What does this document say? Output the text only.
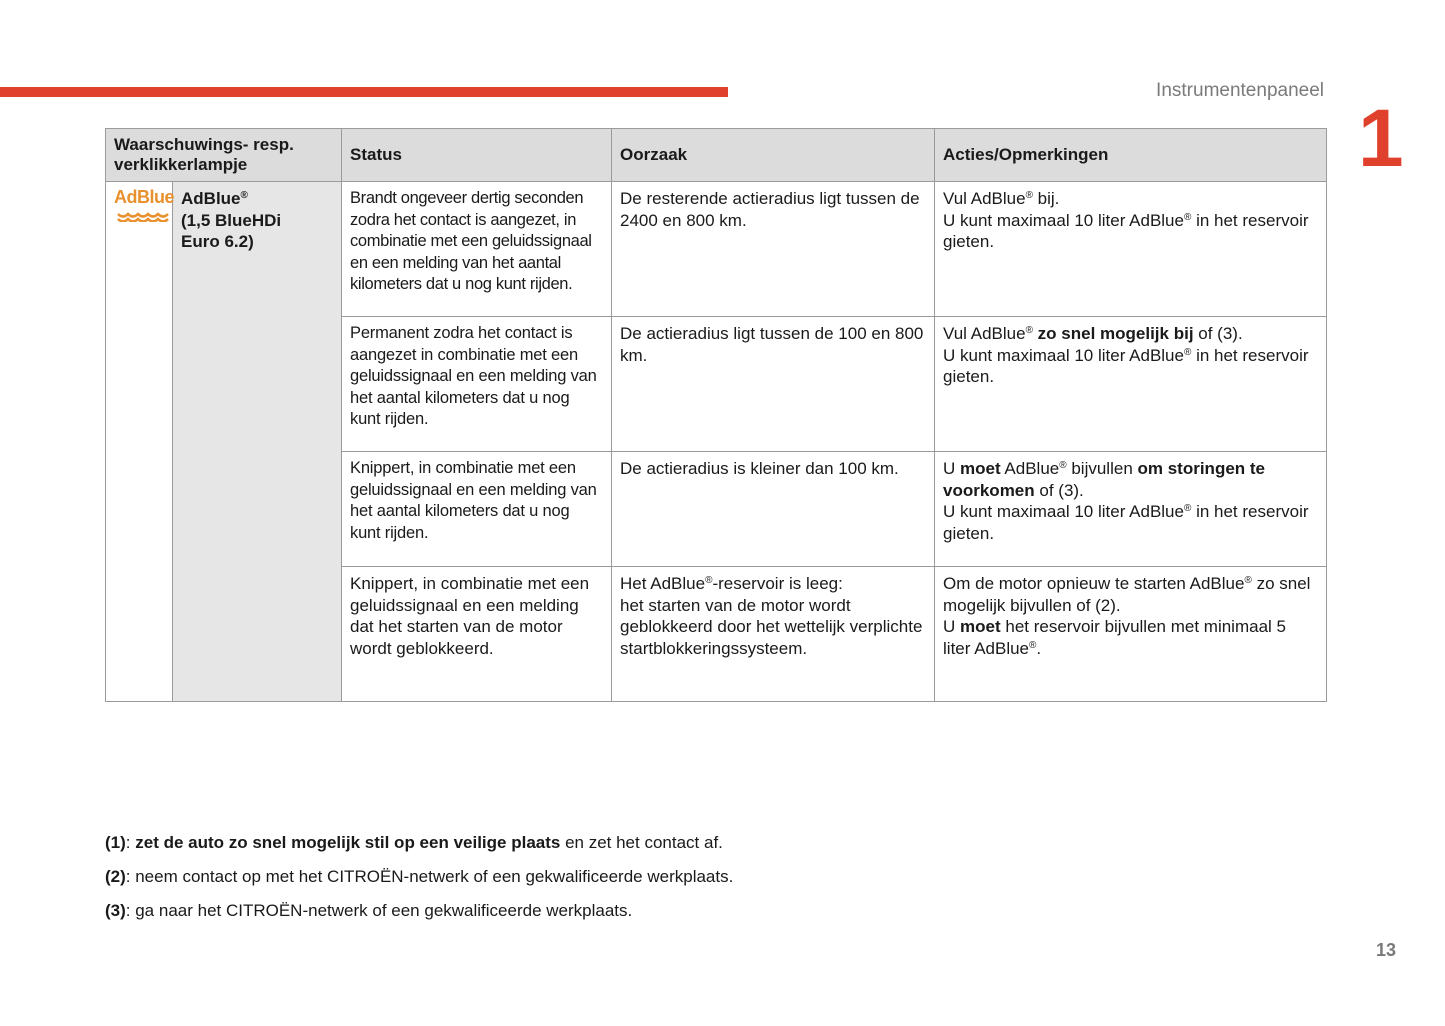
Instrumentenpaneel
1
Waarschuwings- resp. verklikkerlampje		Status	Oorzaak	Acties/Opmerkingen

AdBlue	AdBlue®
(1,5 BlueHDi
Euro 6.2)	Brandt ongeveer dertig seconden zodra het contact is aangezet, in combinatie met een geluidssignaal en een melding van het aantal kilometers dat u nog kunt rijden.	De resterende actieradius ligt tussen de 2400 en 800 km.	Vul AdBlue® bij.
U kunt maximaal 10 liter AdBlue® in het reservoir gieten.
		Permanent zodra het contact is aangezet in combinatie met een geluidssignaal en een melding van het aantal kilometers dat u nog kunt rijden.	De actieradius ligt tussen de 100 en 800 km.	Vul AdBlue® zo snel mogelijk bij of (3).
U kunt maximaal 10 liter AdBlue® in het reservoir gieten.
		Knippert, in combinatie met een geluidssignaal en een melding van het aantal kilometers dat u nog kunt rijden.	De actieradius is kleiner dan 100 km.	U moet AdBlue® bijvullen om storingen te voorkomen of (3).
U kunt maximaal 10 liter AdBlue® in het reservoir gieten.
		Knippert, in combinatie met een geluidssignaal en een melding dat het starten van de motor wordt geblokkeerd.	Het AdBlue®-reservoir is leeg:
het starten van de motor wordt geblokkeerd door het wettelijk verplichte startblokkeringssysteem.	Om de motor opnieuw te starten AdBlue® zo snel mogelijk bijvullen of (2).
U moet het reservoir bijvullen met minimaal 5 liter AdBlue®.

(1): zet de auto zo snel mogelijk stil op een veilige plaats en zet het contact af.

(2): neem contact op met het CITROËN-netwerk of een gekwalificeerde werkplaats.

(3): ga naar het CITROËN-netwerk of een gekwalificeerde werkplaats.

13
